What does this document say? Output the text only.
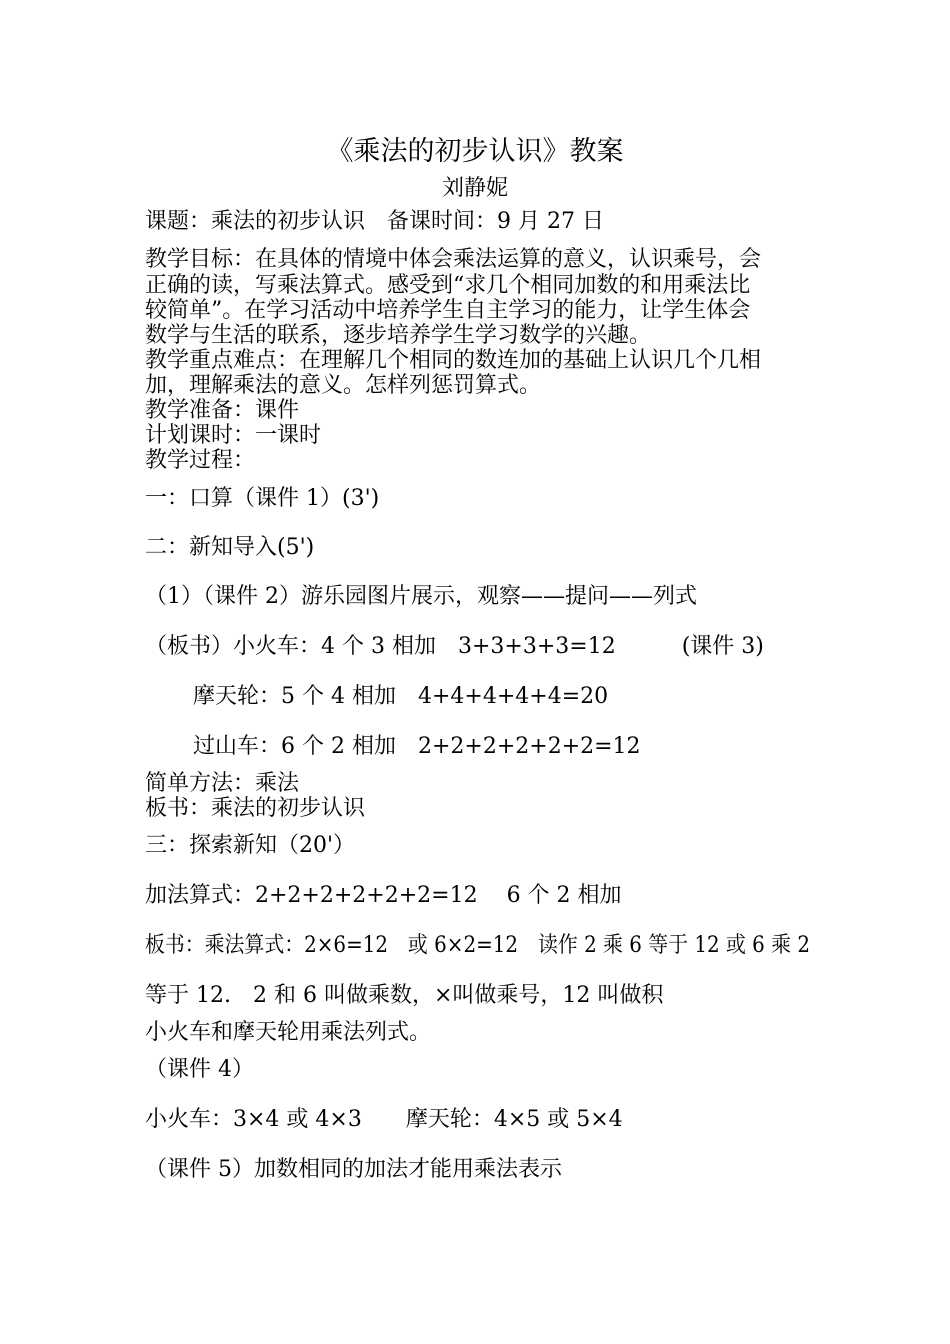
《乘法的初步认识》教案
刘静妮
课题：乘法的初步认识　备课时间：9 月 27 日
教学目标：在具体的情境中体会乘法运算的意义，认识乘号，会
正确的读，写乘法算式。感受到“求几个相同加数的和用乘法比
较简单”。在学习活动中培养学生自主学习的能力，让学生体会
数学与生活的联系，逐步培养学生学习数学的兴趣。
教学重点难点：在理解几个相同的数连加的基础上认识几个几相
加，理解乘法的意义。怎样列惩罚算式。
教学准备：课件
计划课时：一课时
教学过程：
一：口算（课件 1）(3')
二：新知导入(5')
（1）（课件 2）游乐园图片展示，观察——提问——列式
（板书）小火车：4 个 3 相加　3+3+3+3=12　　　(课件 3)
摩天轮：5 个 4 相加　4+4+4+4+4=20
过山车：6 个 2 相加　2+2+2+2+2+2=12
简单方法：乘法
板书：乘法的初步认识
三：探索新知（20'）
加法算式：2+2+2+2+2+2=12　 6 个 2 相加
板书：乘法算式：2×6=12　或 6×2=12　读作 2 乘 6 等于 12 或 6 乘 2
等于 12.　2 和 6 叫做乘数，×叫做乘号，12 叫做积
小火车和摩天轮用乘法列式。
（课件 4）
小火车：3×4 或 4×3　　摩天轮：4×5 或 5×4
（课件 5）加数相同的加法才能用乘法表示
